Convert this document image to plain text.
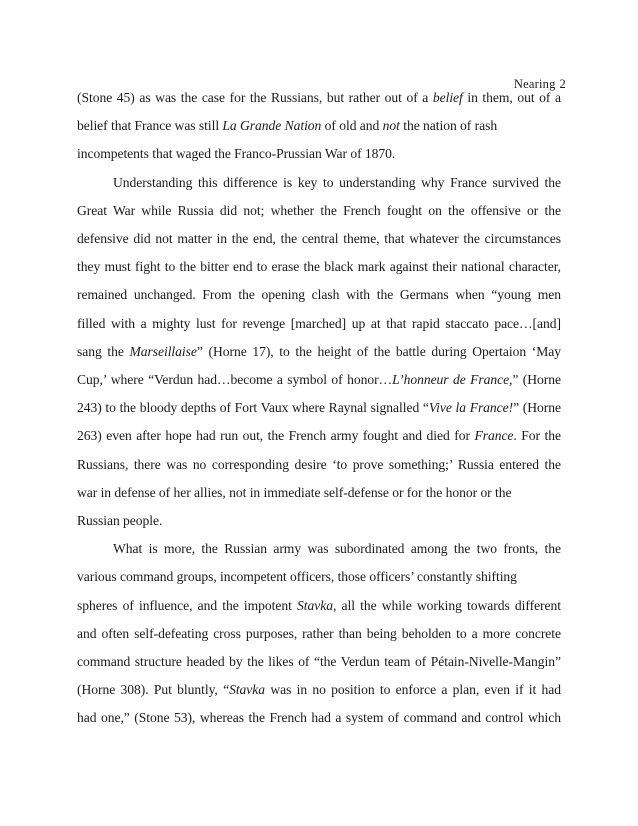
Nearing 2
(Stone 45) as was the case for the Russians, but rather out of a belief in them, out of a
belief that France was still La Grande Nation of old and not the nation of rash
incompetents that waged the Franco-Prussian War of 1870.
Understanding this difference is key to understanding why France survived the
Great War while Russia did not; whether the French fought on the offensive or the
defensive did not matter in the end, the central theme, that whatever the circumstances
they must fight to the bitter end to erase the black mark against their national character,
remained unchanged. From the opening clash with the Germans when “young men
filled with a mighty lust for revenge [marched] up at that rapid staccato pace…[and]
sang the Marseillaise” (Horne 17), to the height of the battle during Opertaion ‘May
Cup,’ where “Verdun had…become a symbol of honor…L’honneur de France,” (Horne
243) to the bloody depths of Fort Vaux where Raynal signalled “Vive la France!” (Horne
263) even after hope had run out, the French army fought and died for France. For the
Russians, there was no corresponding desire ‘to prove something;’ Russia entered the
war in defense of her allies, not in immediate self-defense or for the honor or the
Russian people.
What is more, the Russian army was subordinated among the two fronts, the
various command groups, incompetent officers, those officers’ constantly shifting
spheres of influence, and the impotent Stavka, all the while working towards different
and often self-defeating cross purposes, rather than being beholden to a more concrete
command structure headed by the likes of “the Verdun team of Pétain-Nivelle-Mangin”
(Horne 308). Put bluntly, “Stavka was in no position to enforce a plan, even if it had
had one,” (Stone 53), whereas the French had a system of command and control which
